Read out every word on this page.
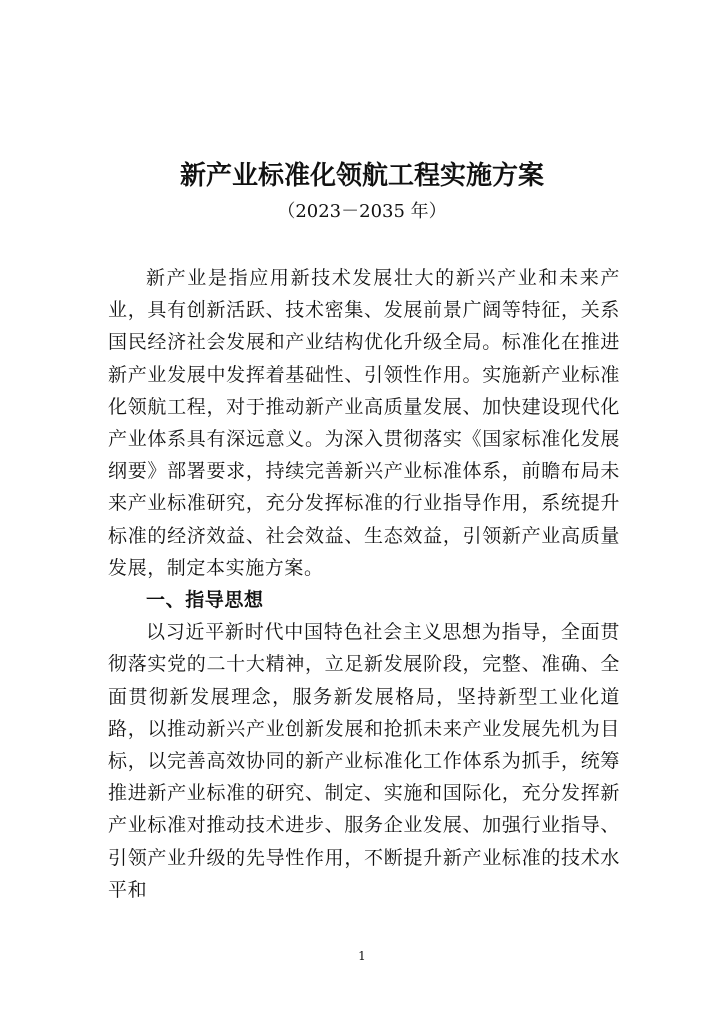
新产业标准化领航工程实施方案
（2023－2035 年）

新产业是指应用新技术发展壮大的新兴产业和未来产业，具有创新活跃、技术密集、发展前景广阔等特征，关系国民经济社会发展和产业结构优化升级全局。标准化在推进新产业发展中发挥着基础性、引领性作用。实施新产业标准化领航工程，对于推动新产业高质量发展、加快建设现代化产业体系具有深远意义。为深入贯彻落实《国家标准化发展纲要》部署要求，持续完善新兴产业标准体系，前瞻布局未来产业标准研究，充分发挥标准的行业指导作用，系统提升标准的经济效益、社会效益、生态效益，引领新产业高质量发展，制定本实施方案。

一、指导思想

以习近平新时代中国特色社会主义思想为指导，全面贯彻落实党的二十大精神，立足新发展阶段，完整、准确、全面贯彻新发展理念，服务新发展格局，坚持新型工业化道路，以推动新兴产业创新发展和抢抓未来产业发展先机为目标，以完善高效协同的新产业标准化工作体系为抓手，统筹推进新产业标准的研究、制定、实施和国际化，充分发挥新产业标准对推动技术进步、服务企业发展、加强行业指导、引领产业升级的先导性作用，不断提升新产业标准的技术水平和

1
